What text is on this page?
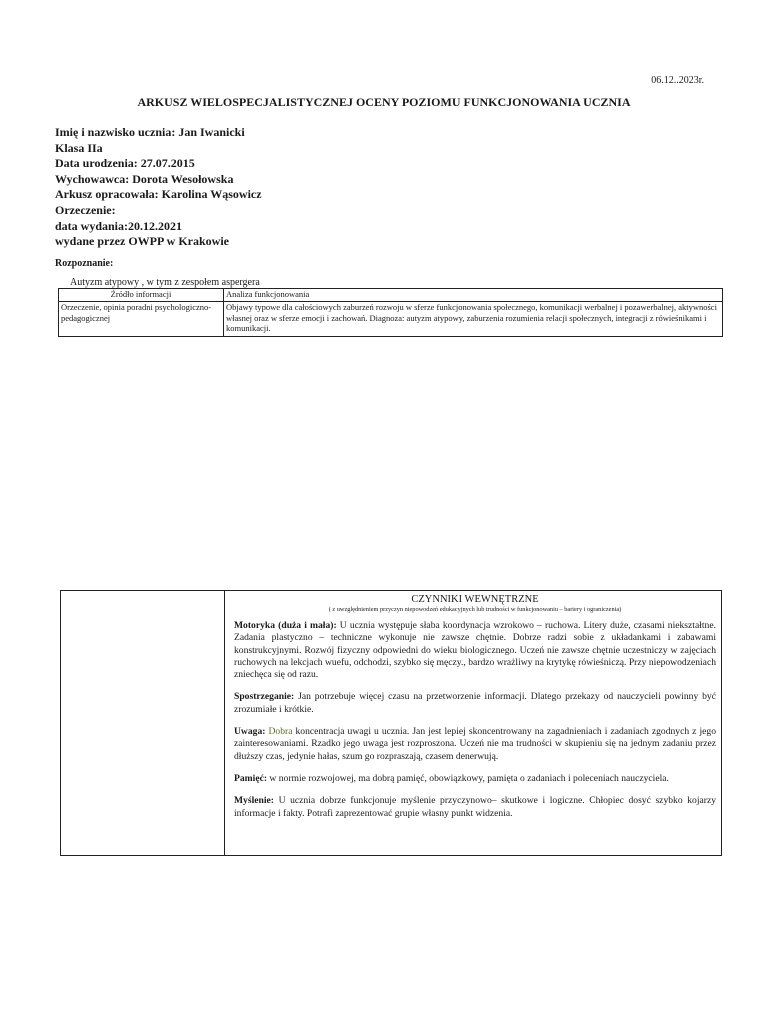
06.12..2023r.
ARKUSZ WIELOSPECJALISTYCZNEJ OCENY POZIOMU FUNKCJONOWANIA UCZNIA
Imię i nazwisko ucznia: Jan Iwanicki
Klasa IIa
Data urodzenia: 27.07.2015
Wychowawca: Dorota Wesołowska
Arkusz opracowała: Karolina Wąsowicz
Orzeczenie:
data wydania:20.12.2021
wydane przez OWPP w Krakowie
Rozpoznanie:
Autyzm atypowy , w tym z zespołem aspergera
Źródło informacji	Analiza funkcjonowania
Orzeczenie, opinia poradni psychologiczno-pedagogicznej	Objawy typowe dla całościowych zaburzeń rozwoju w sferze funkcjonowania społecznego, komunikacji werbalnej i pozawerbalnej, aktywności własnej oraz w sferze emocji i zachowań. Diagnoza: autyzm atypowy, zaburzenia rozumienia relacji społecznych, integracji z rówieśnikami i komunikacji.

CZYNNIKI WEWNĘTRZNE
( z uwzględnieniem przyczyn niepowodzeń edukacyjnych lub trudności w funkcjonowaniu – bariery i ograniczenia)
Motoryka (duża i mała): U ucznia występuje słaba koordynacja wzrokowo – ruchowa. Litery duże, czasami niekształtne. Zadania plastyczno – techniczne wykonuje nie zawsze chętnie. Dobrze radzi sobie z układankami i zabawami konstrukcyjnymi. Rozwój fizyczny odpowiedni do wieku biologicznego. Uczeń nie zawsze chętnie uczestniczy w zajęciach ruchowych na lekcjach wuefu, odchodzi, szybko się męczy., bardzo wrażliwy na krytykę rówieśniczą. Przy niepowodzeniach zniechęca się od razu.
Spostrzeganie: Jan potrzebuje więcej czasu na przetworzenie informacji. Dlatego przekazy od nauczycieli powinny być zrozumiałe i krótkie.
Uwaga: Dobra koncentracja uwagi u ucznia. Jan jest lepiej skoncentrowany na zagadnieniach i zadaniach zgodnych z jego zainteresowaniami. Rzadko jego uwaga jest rozproszona. Uczeń nie ma trudności w skupieniu się na jednym zadaniu przez dłuższy czas, jedynie hałas, szum go rozpraszają, czasem denerwują.
Pamięć: w normie rozwojowej, ma dobrą pamięć, obowiązkowy, pamięta o zadaniach i poleceniach nauczyciela.
Myślenie: U ucznia dobrze funkcjonuje myślenie przyczynowo– skutkowe i logiczne. Chłopiec dosyć szybko kojarzy informacje i fakty. Potrafi zaprezentować grupie własny punkt widzenia.
